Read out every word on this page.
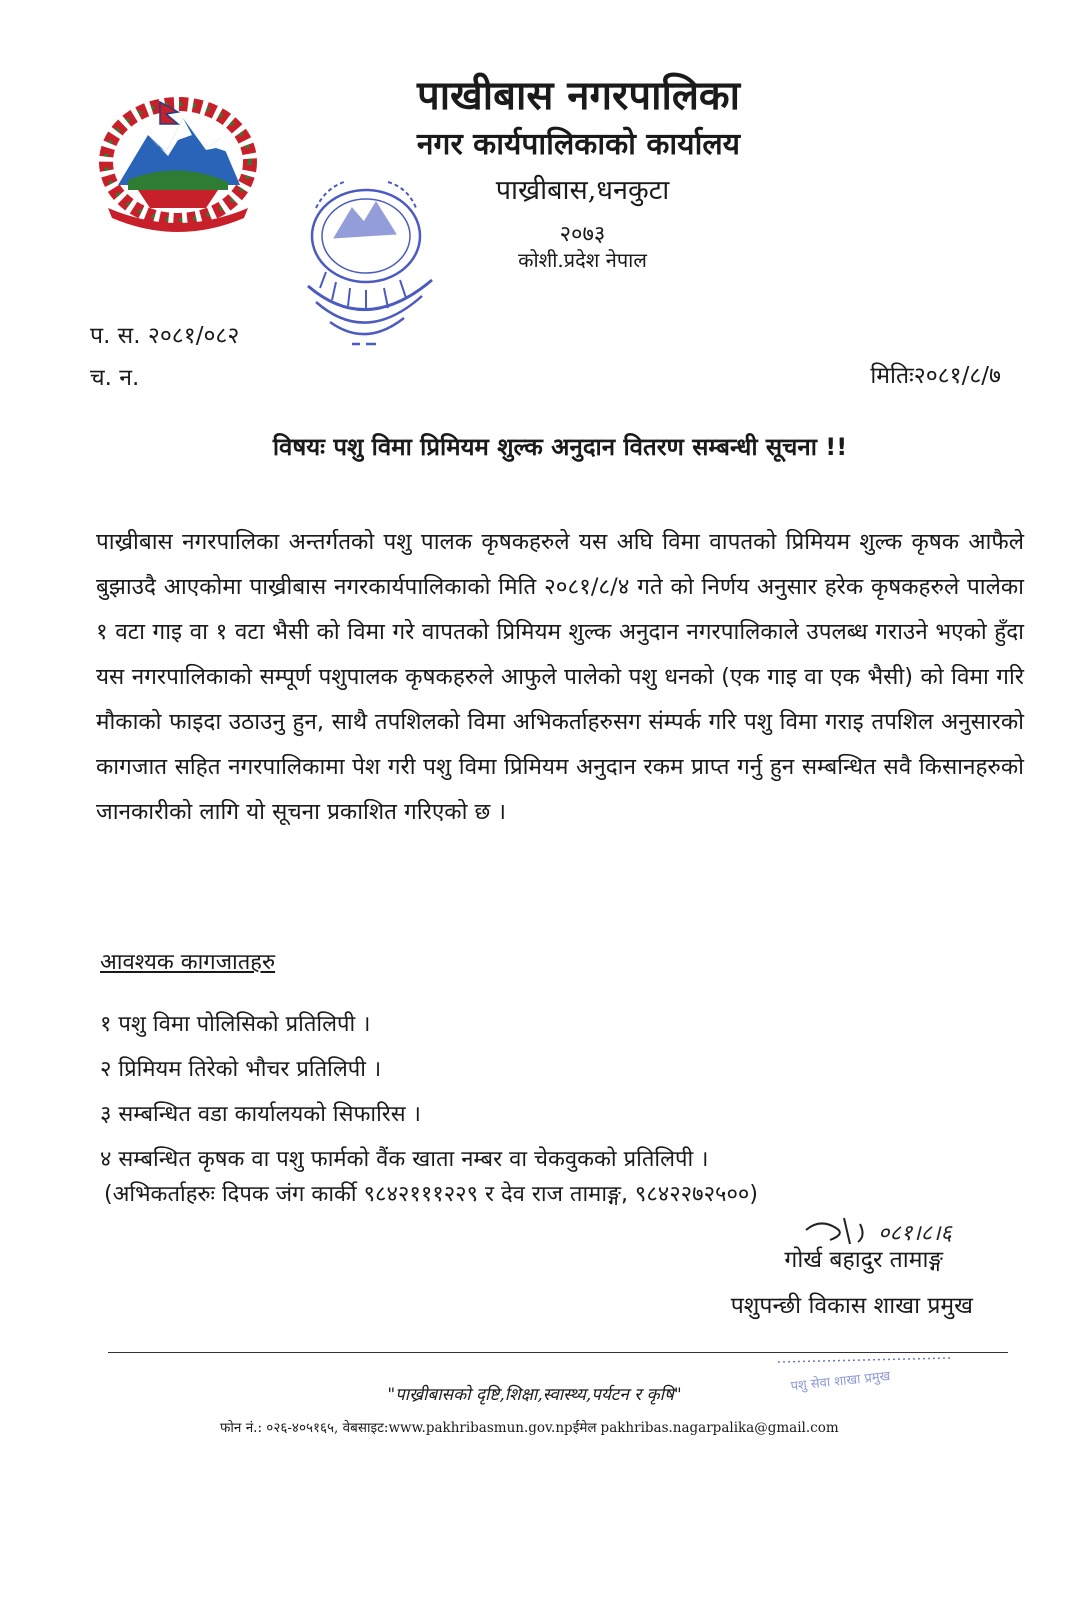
पाखीबास नगरपालिका
नगर कार्यपालिकाको कार्यालय
पाख्रीबास,धनकुटा
२०७३
कोशी.प्रदेश नेपाल
प. स. २०८१/०८२
च. न.	मितिः२०८१/८/७
विषयः पशु विमा प्रिमियम शुल्क अनुदान वितरण सम्बन्धी सूचना !!

पाख्रीबास नगरपालिका अन्तर्गतको पशु पालक कृषकहरुले यस अघि विमा वापतको प्रिमियम शुल्क कृषक आफैले बुझाउदै आएकोमा पाख्रीबास नगरकार्यपालिकाको मिति २०८१/८/४ गते को निर्णय अनुसार हरेक कृषकहरुले पालेका १ वटा गाइ वा १ वटा भैसी को विमा गरे वापतको प्रिमियम शुल्क अनुदान नगरपालिकाले उपलब्ध गराउने भएको हुँदा यस नगरपालिकाको सम्पूर्ण पशुपालक कृषकहरुले आफुले पालेको पशु धनको (एक गाइ वा एक भैसी) को विमा गरि मौकाको फाइदा उठाउनु हुन, साथै तपशिलको विमा अभिकर्ताहरुसग संम्पर्क गरि पशु विमा गराइ तपशिल अनुसारको कागजात सहित नगरपालिकामा पेश गरी पशु विमा प्रिमियम अनुदान रकम प्राप्त गर्नु हुन सम्बन्धित सवै किसानहरुको जानकारीको लागि यो सूचना प्रकाशित गरिएको छ ।

आवश्यक कागजातहरु
१ पशु विमा पोलिसिको प्रतिलिपी ।
२ प्रिमियम तिरेको भौचर प्रतिलिपी ।
३ सम्बन्धित वडा कार्यालयको सिफारिस ।
४ सम्बन्धित कृषक वा पशु फार्मको वैंक खाता नम्बर वा चेकवुकको प्रतिलिपी ।
(अभिकर्ताहरुः दिपक जंग कार्की ९८४२१११२२९ र देव राज तामाङ्ग, ९८४२२७२५००)
०८१।८।६
गोर्ख बहादुर तामाङ्ग
पशुपन्छी विकास शाखा प्रमुख
पशु सेवा शाखा प्रमुख
"पाख्रीबासको दृष्टि,शिक्षा,स्वास्थ्य,पर्यटन र कृषि"
फोन नं.: ०२६-४०५१६५, वेबसाइट:www.pakhribasmun.gov.npईमेल pakhribas.nagarpalika@gmail.com
